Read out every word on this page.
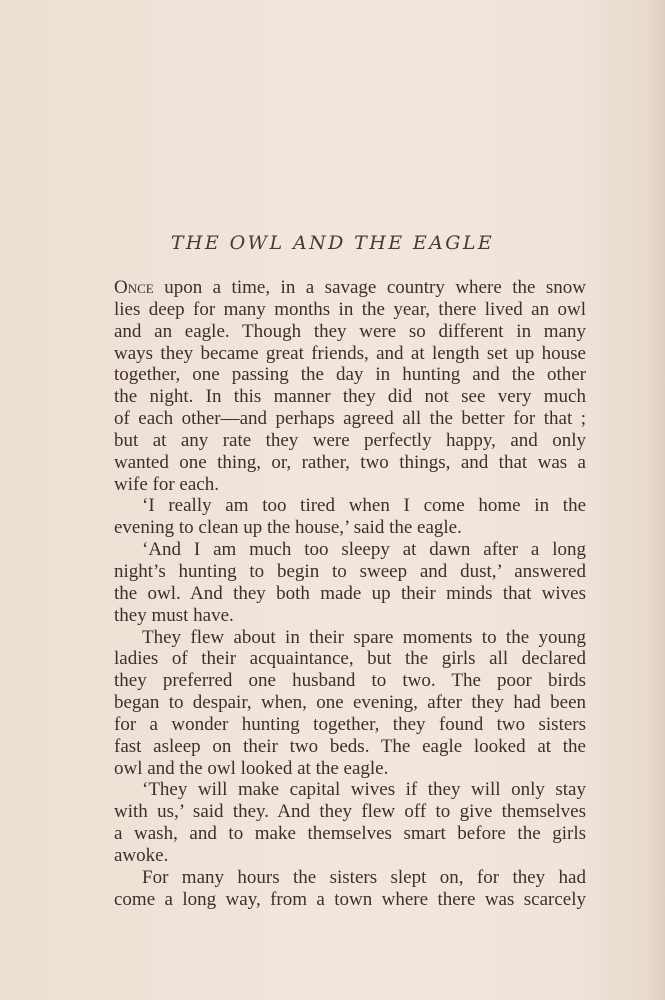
THE OWL AND THE EAGLE
Once upon a time, in a savage country where the snow
lies deep for many months in the year, there lived an owl
and an eagle. Though they were so different in many
ways they became great friends, and at length set up house
together, one passing the day in hunting and the other
the night. In this manner they did not see very much
of each other—and perhaps agreed all the better for that ;
but at any rate they were perfectly happy, and only
wanted one thing, or, rather, two things, and that was a
wife for each.
‘I really am too tired when I come home in the
evening to clean up the house,’ said the eagle.
‘And I am much too sleepy at dawn after a long
night’s hunting to begin to sweep and dust,’ answered
the owl. And they both made up their minds that wives
they must have.
They flew about in their spare moments to the young
ladies of their acquaintance, but the girls all declared
they preferred one husband to two. The poor birds
began to despair, when, one evening, after they had been
for a wonder hunting together, they found two sisters
fast asleep on their two beds. The eagle looked at the
owl and the owl looked at the eagle.
‘They will make capital wives if they will only stay
with us,’ said they. And they flew off to give themselves
a wash, and to make themselves smart before the girls
awoke.
For many hours the sisters slept on, for they had
come a long way, from a town where there was scarcely
